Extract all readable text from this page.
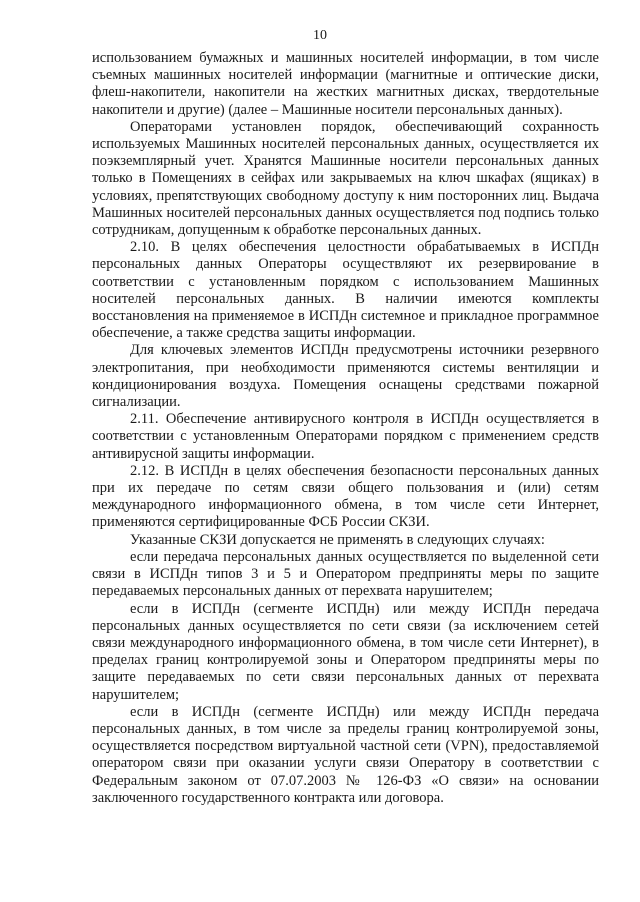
10

использованием бумажных и машинных носителей информации, в том числе съемных машинных носителей информации (магнитные и оптические диски, флеш-накопители, накопители на жестких магнитных дисках, твердотельные накопители и другие) (далее – Машинные носители персональных данных).

Операторами установлен порядок, обеспечивающий сохранность используемых Машинных носителей персональных данных, осуществляется их поэкземплярный учет. Хранятся Машинные носители персональных данных только в Помещениях в сейфах или закрываемых на ключ шкафах (ящиках) в условиях, препятствующих свободному доступу к ним посторонних лиц. Выдача Машинных носителей персональных данных осуществляется под подпись только сотрудникам, допущенным к обработке персональных данных.

2.10. В целях обеспечения целостности обрабатываемых в ИСПДн персональных данных Операторы осуществляют их резервирование в соответствии с установленным порядком с использованием Машинных носителей персональных данных. В наличии имеются комплекты восстановления на применяемое в ИСПДн системное и прикладное программное обеспечение, а также средства защиты информации.

Для ключевых элементов ИСПДн предусмотрены источники резервного электропитания, при необходимости применяются системы вентиляции и кондиционирования воздуха. Помещения оснащены средствами пожарной сигнализации.

2.11. Обеспечение антивирусного контроля в ИСПДн осуществляется в соответствии с установленным Операторами порядком с применением средств антивирусной защиты информации.

2.12. В ИСПДн в целях обеспечения безопасности персональных данных при их передаче по сетям связи общего пользования и (или) сетям международного информационного обмена, в том числе сети Интернет, применяются сертифицированные ФСБ России СКЗИ.

Указанные СКЗИ допускается не применять в следующих случаях:

если передача персональных данных осуществляется по выделенной сети связи в ИСПДн типов 3 и 5 и Оператором предприняты меры по защите передаваемых персональных данных от перехвата нарушителем;

если в ИСПДн (сегменте ИСПДн) или между ИСПДн передача персональных данных осуществляется по сети связи (за исключением сетей связи международного информационного обмена, в том числе сети Интернет), в пределах границ контролируемой зоны и Оператором предприняты меры по защите передаваемых по сети связи персональных данных от перехвата нарушителем;

если в ИСПДн (сегменте ИСПДн) или между ИСПДн передача персональных данных, в том числе за пределы границ контролируемой зоны, осуществляется посредством виртуальной частной сети (VPN), предоставляемой оператором связи при оказании услуги связи Оператору в соответствии с Федеральным законом от 07.07.2003 № 126-ФЗ «О связи» на основании заключенного государственного контракта или договора.
